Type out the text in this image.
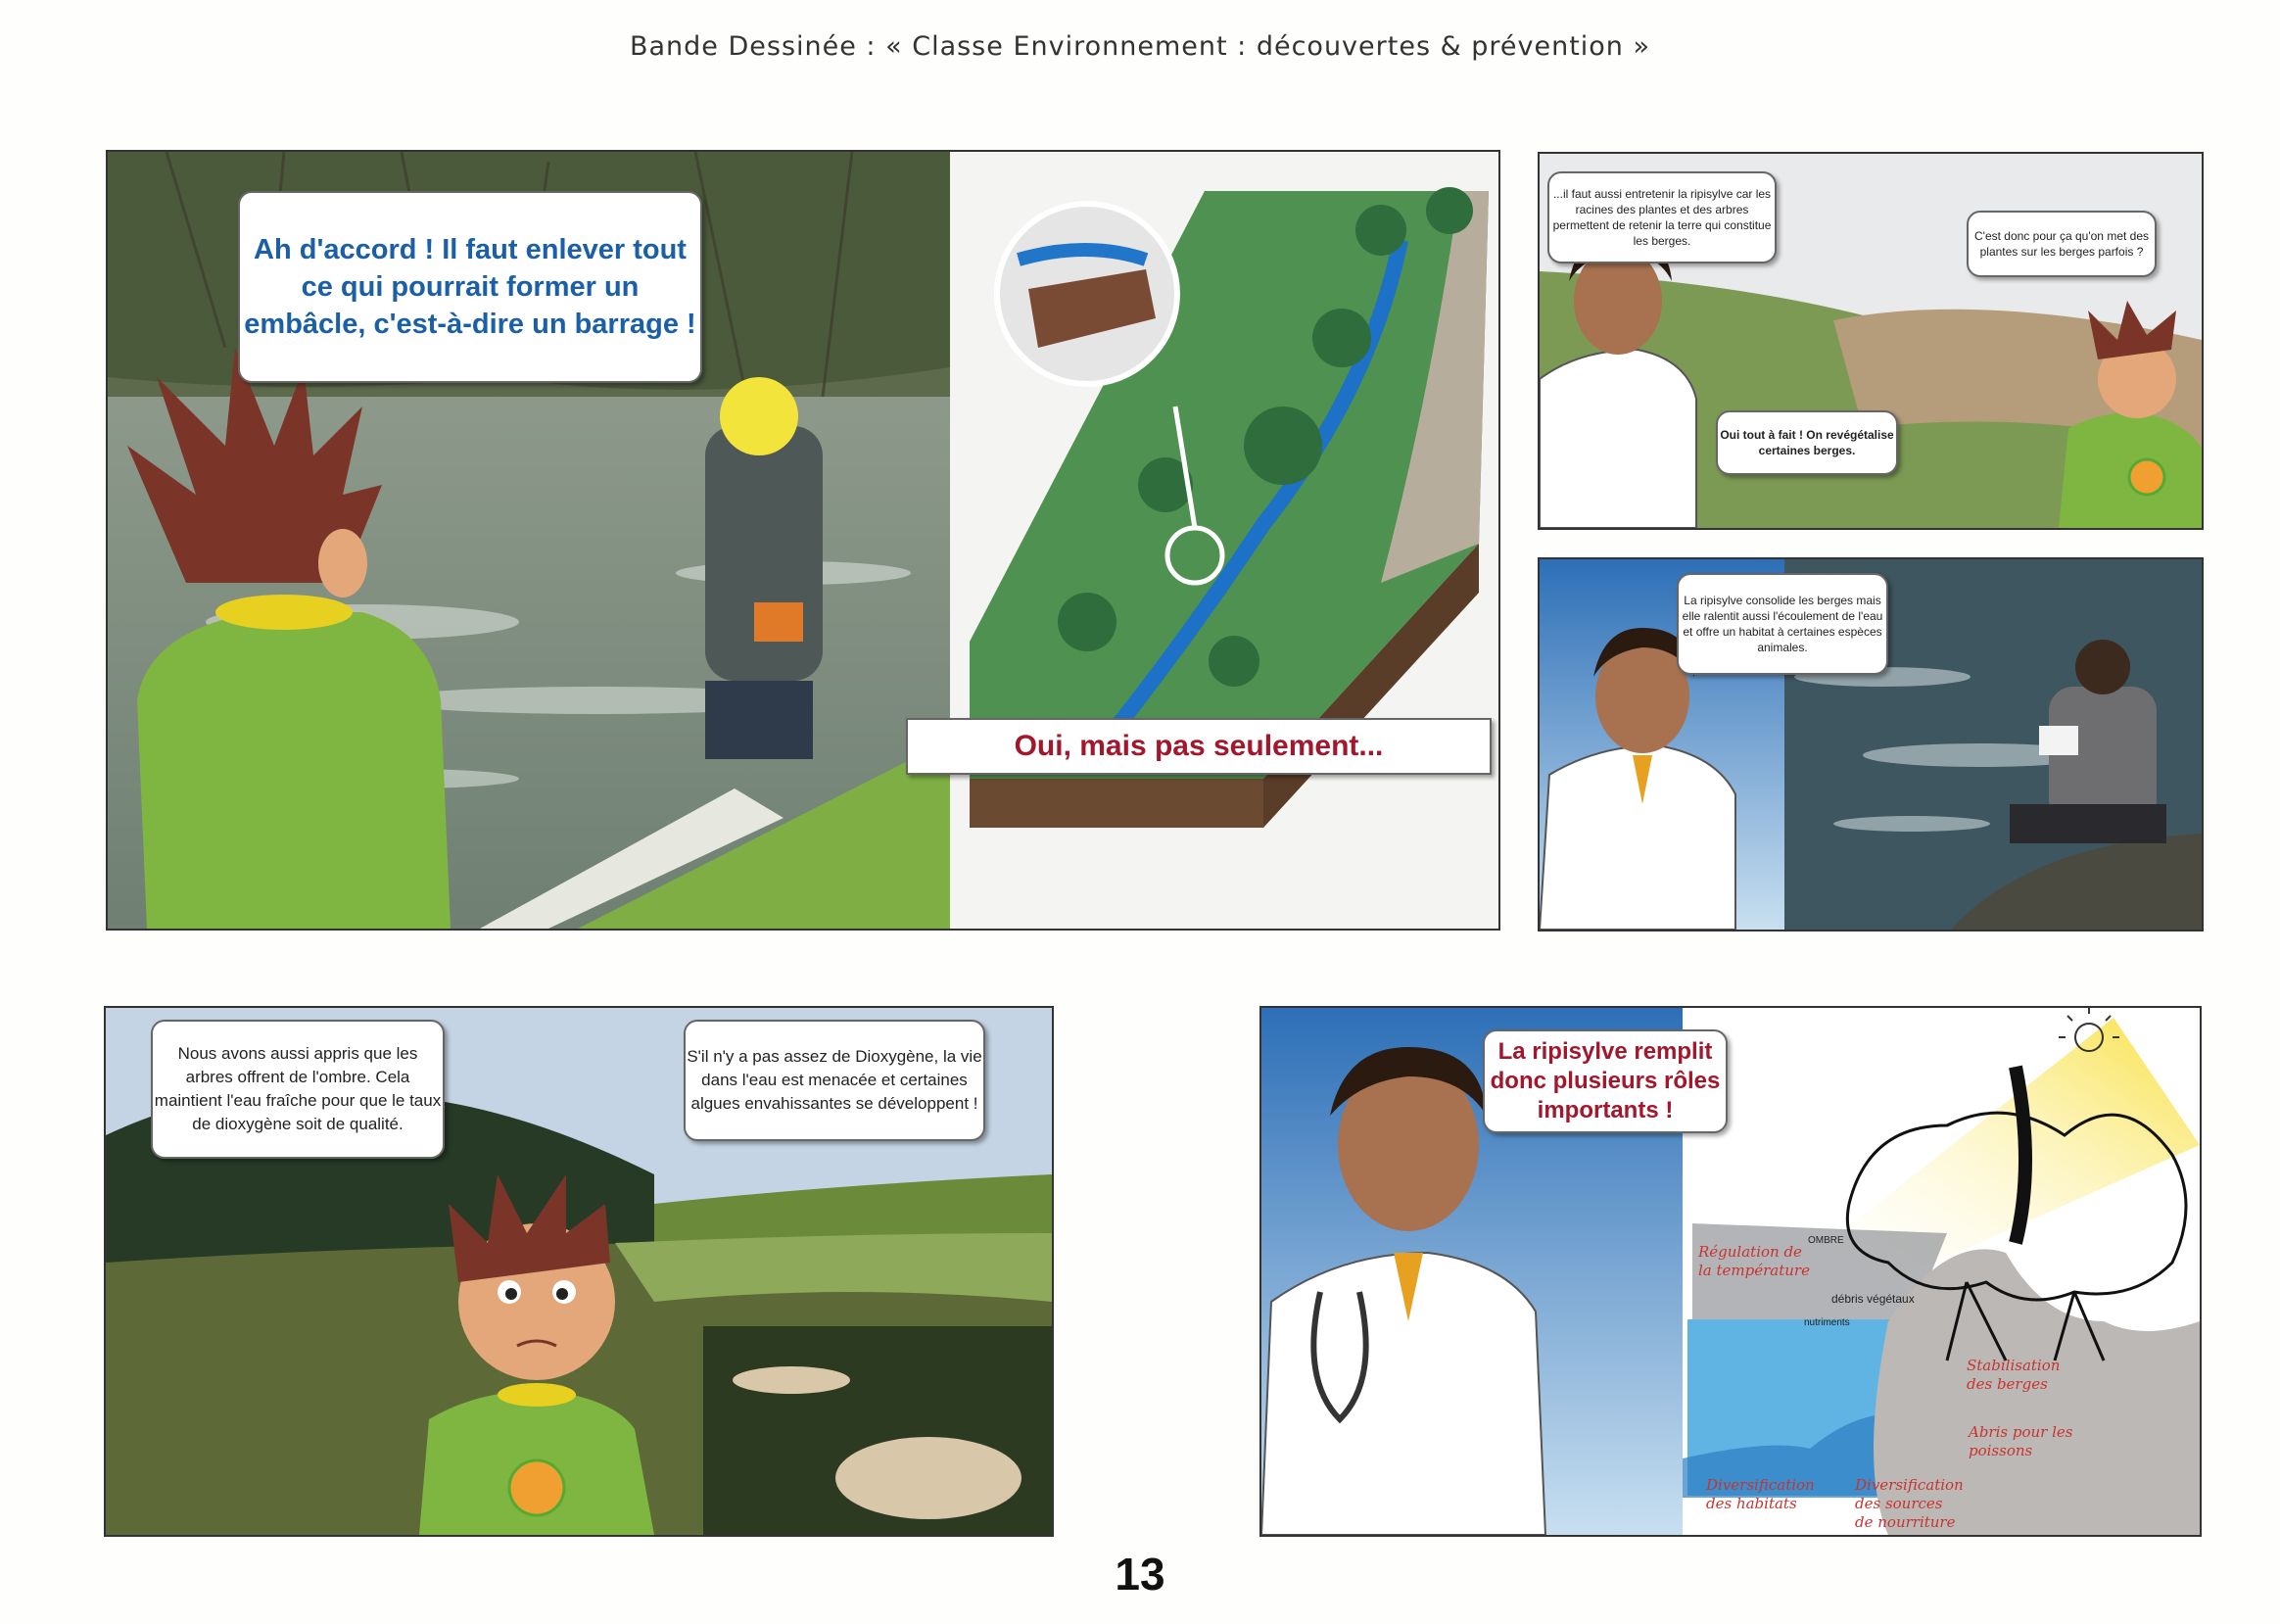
Bande Dessinée : « Classe Environnement : découvertes & prévention »
Ah d'accord ! Il faut enlever tout ce qui pourrait former un embâcle, c'est-à-dire un barrage !
Oui, mais pas seulement...
...il faut aussi entretenir la ripisylve car les racines des plantes et des arbres permettent de retenir la terre qui constitue les berges.	C'est donc pour ça qu'on met des plantes sur les berges parfois ?
Oui tout à fait ! On revégétalise certaines berges.
La ripisylve consolide les berges mais elle ralentit aussi l'écoulement de l'eau et offre un habitat à certaines espèces animales.
Nous avons aussi appris que les arbres offrent de l'ombre. Cela maintient l'eau fraîche pour que le taux de dioxygène soit de qualité.
S'il n'y a pas assez de Dioxygène, la vie dans l'eau est menacée et certaines algues envahissantes se développent !
La ripisylve remplit donc plusieurs rôles importants !
Régulation de la température
OMBRE
débris végétaux
nutriments
Stabilisation des berges
Abris pour les poissons
Diversification des habitats
Diversification des sources de nourriture
13
